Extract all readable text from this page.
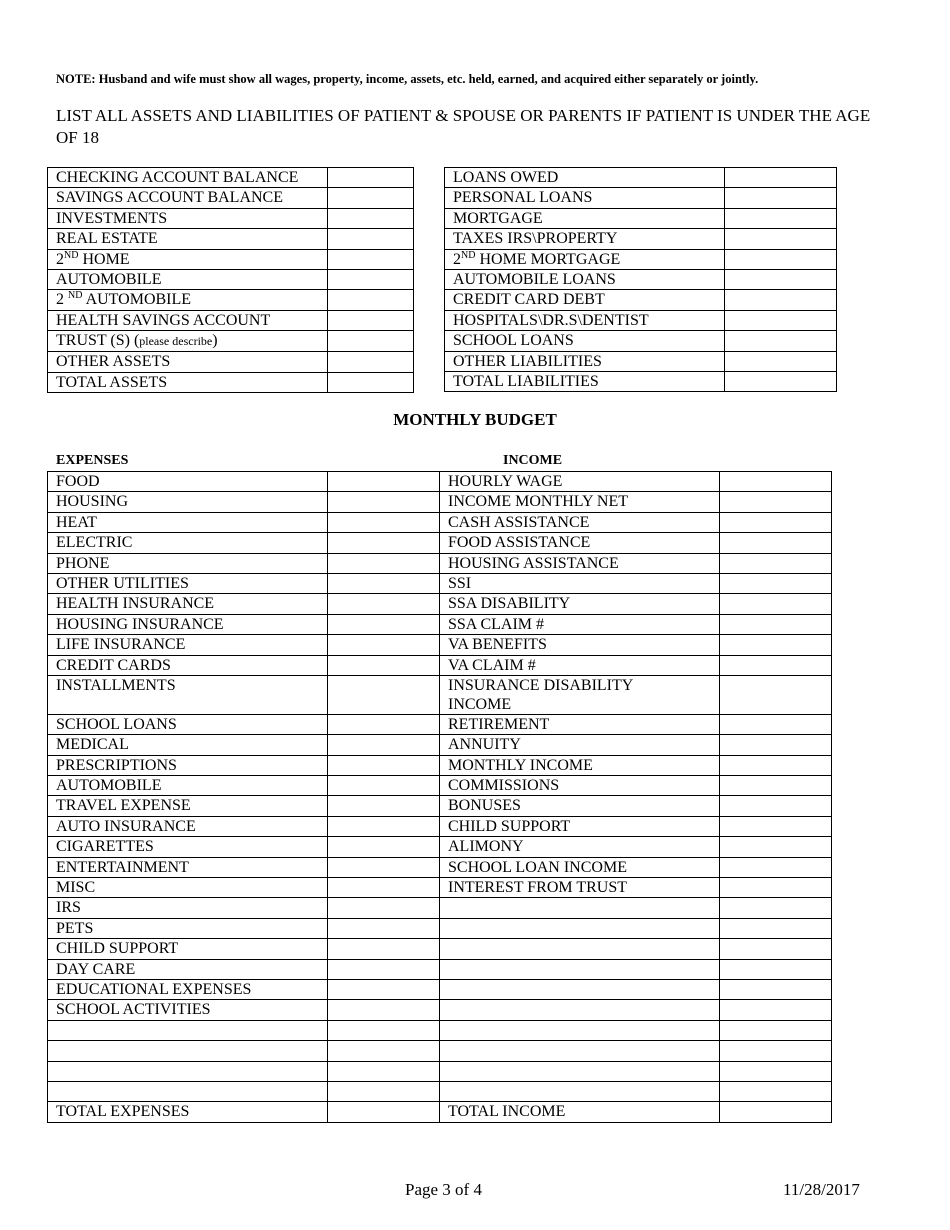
NOTE: Husband and wife must show all wages, property, income, assets, etc. held, earned, and acquired either separately or jointly.
LIST ALL ASSETS AND LIABILITIES OF PATIENT & SPOUSE OR PARENTS IF PATIENT IS UNDER THE AGE OF 18
CHECKING ACCOUNT BALANCE	
SAVINGS ACCOUNT BALANCE	
INVESTMENTS	
REAL ESTATE	
2ND HOME	
AUTOMOBILE	
2 $^{ND}$ AUTOMOBILE	
HEALTH SAVINGS ACCOUNT	
TRUST (S) (please describe)	
OTHER ASSETS	
TOTAL ASSETS	
LOANS OWED	
PERSONAL LOANS	
MORTGAGE	
TAXES IRS\PROPERTY	
2ND HOME MORTGAGE	
AUTOMOBILE LOANS	
CREDIT CARD DEBT	
HOSPITALS\DR.S\DENTIST	
SCHOOL LOANS	
OTHER LIABILITIES	
TOTAL LIABILITIES	
MONTHLY BUDGET
EXPENSES	INCOME
FOOD		HOURLY WAGE	
HOUSING		INCOME MONTHLY NET	
HEAT		CASH ASSISTANCE	
ELECTRIC		FOOD ASSISTANCE	
PHONE		HOUSING ASSISTANCE	
OTHER UTILITIES		SSI	
HEALTH INSURANCE		SSA DISABILITY	
HOUSING INSURANCE		SSA CLAIM #	
LIFE INSURANCE		VA BENEFITS	
CREDIT CARDS		VA CLAIM #	
INSTALLMENTS		INSURANCE DISABILITY
INCOME	
SCHOOL LOANS		RETIREMENT	
MEDICAL		ANNUITY	
PRESCRIPTIONS		MONTHLY INCOME	
AUTOMOBILE		COMMISSIONS	
TRAVEL EXPENSE		BONUSES	
AUTO INSURANCE		CHILD SUPPORT	
CIGARETTES		ALIMONY	
ENTERTAINMENT		SCHOOL LOAN INCOME	
MISC		INTEREST FROM TRUST	
IRS			
PETS			
CHILD SUPPORT			
DAY CARE			
EDUCATIONAL EXPENSES			
SCHOOL ACTIVITIES			

TOTAL EXPENSES		TOTAL INCOME	
Page 3 of 4	11/28/2017
